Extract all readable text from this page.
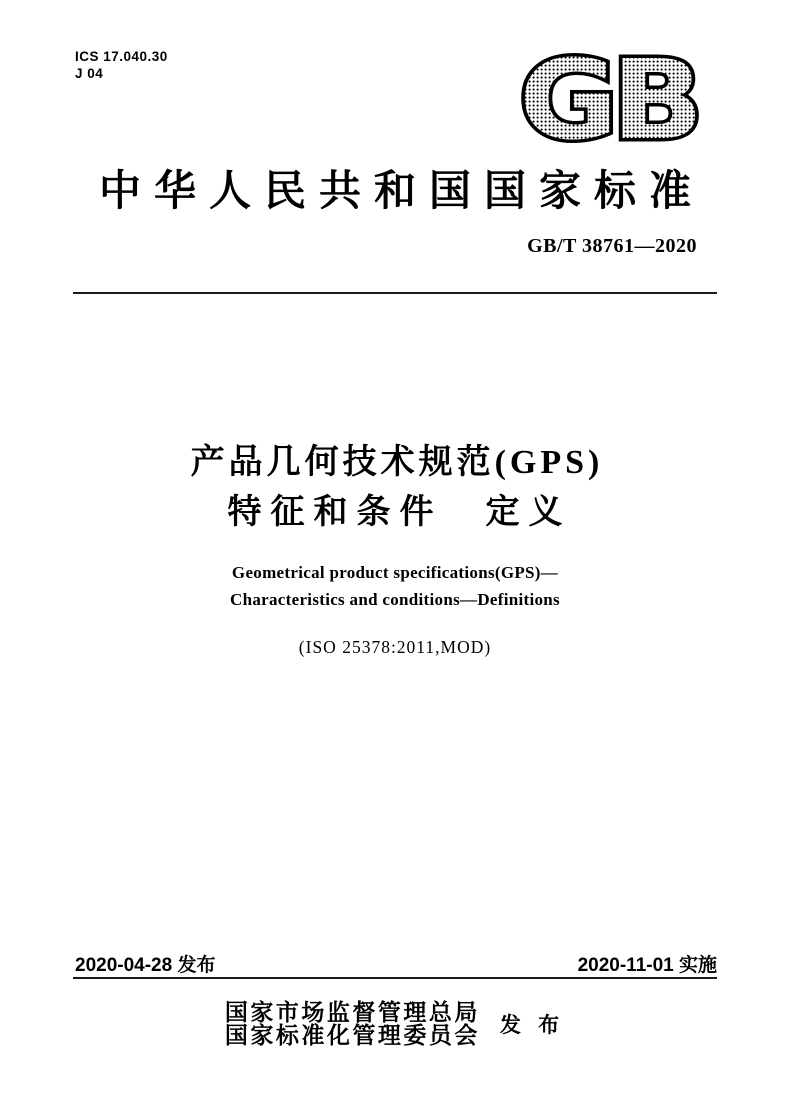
ICS 17.040.30
J 04	GB
中华人民共和国国家标准
GB/T 38761—2020
产品几何技术规范(GPS)
特征和条件　定义
Geometrical product specifications(GPS)—
Characteristics and conditions—Definitions
(ISO 25378:2011,MOD)
2020-04-28 发布	2020-11-01 实施
国家市场监督管理总局
国家标准化管理委员会 发 布
